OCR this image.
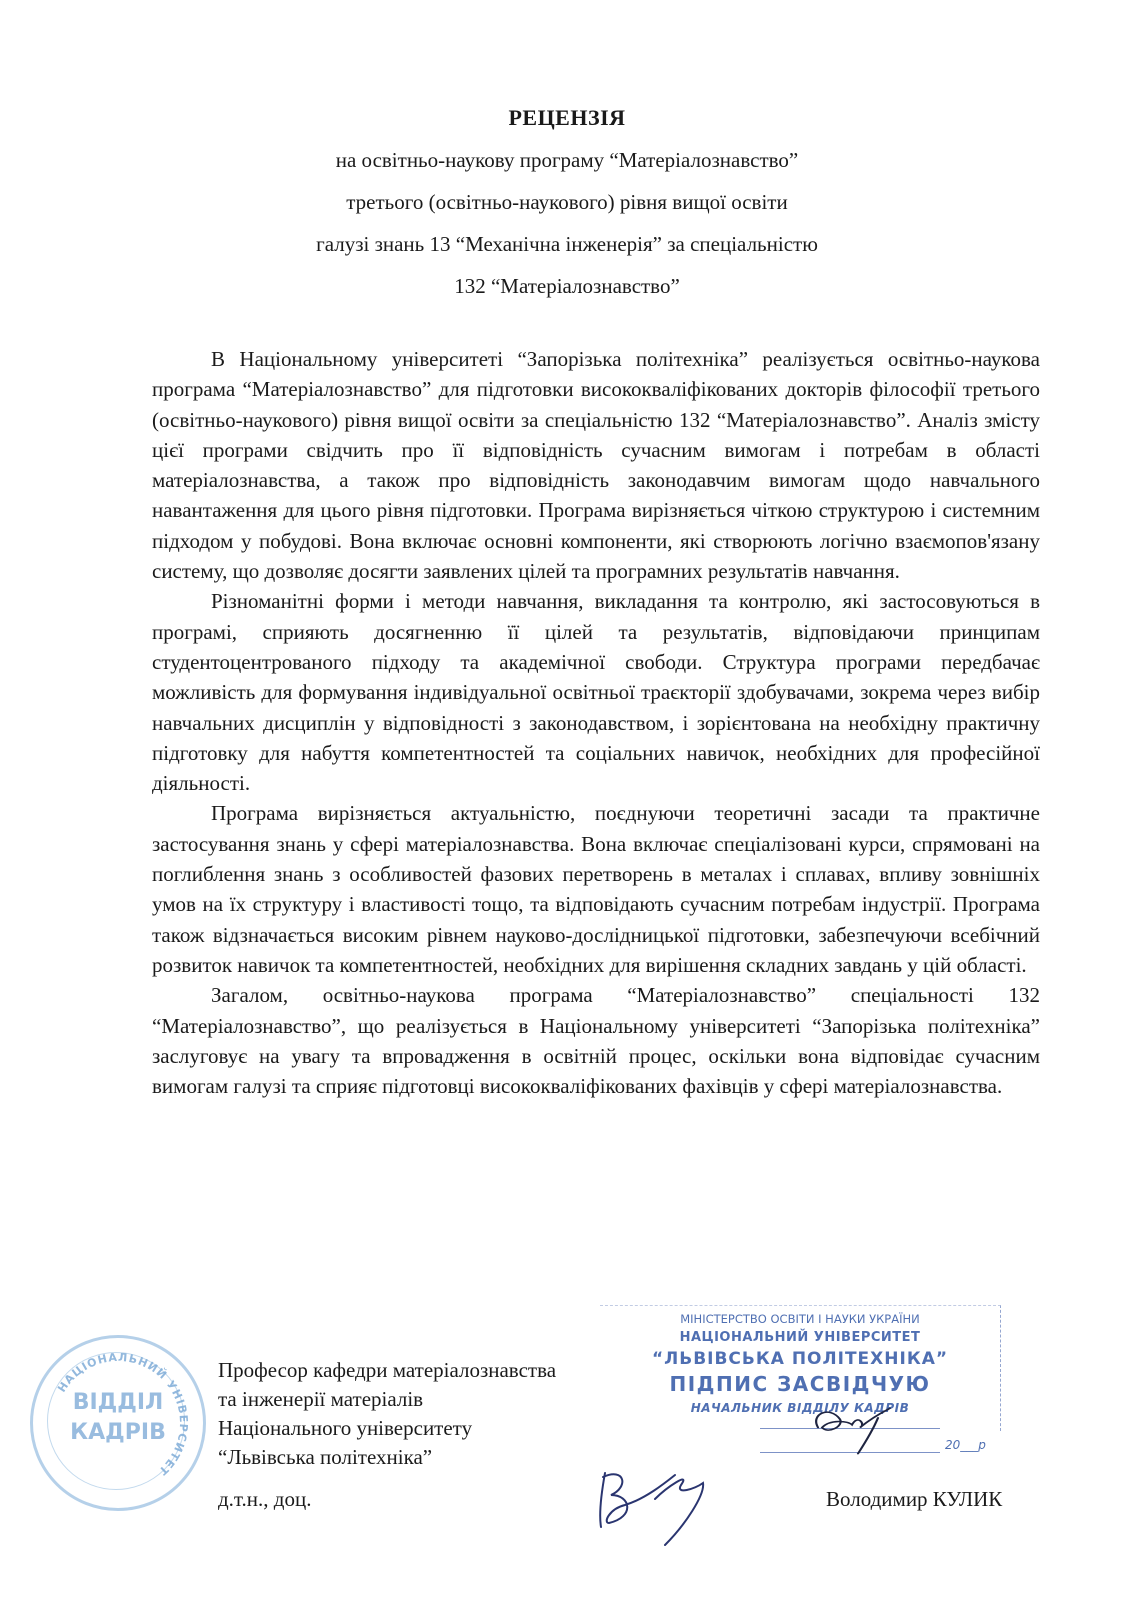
РЕЦЕНЗІЯ
на освітньо-наукову програму “Матеріалознавство”
третього (освітньо-наукового) рівня вищої освіти
галузі знань 13 “Механічна інженерія” за спеціальністю
132 “Матеріалознавство”

В Національному університеті “Запорізька політехніка” реалізується освітньо-наукова програма “Матеріалознавство” для підготовки висококваліфікованих докторів філософії третього (освітньо-наукового) рівня вищої освіти за спеціальністю 132 “Матеріалознавство”. Аналіз змісту цієї програми свідчить про її відповідність сучасним вимогам і потребам в області матеріалознавства, а також про відповідність законодавчим вимогам щодо навчального навантаження для цього рівня підготовки. Програма вирізняється чіткою структурою і системним підходом у побудові. Вона включає основні компоненти, які створюють логічно взаємопов'язану систему, що дозволяє досягти заявлених цілей та програмних результатів навчання.

Різноманітні форми і методи навчання, викладання та контролю, які застосовуються в програмі, сприяють досягненню її цілей та результатів, відповідаючи принципам студентоцентрованого підходу та академічної свободи. Структура програми передбачає можливість для формування індивідуальної освітньої траєкторії здобувачами, зокрема через вибір навчальних дисциплін у відповідності з законодавством, і зорієнтована на необхідну практичну підготовку для набуття компетентностей та соціальних навичок, необхідних для професійної діяльності.

Програма вирізняється актуальністю, поєднуючи теоретичні засади та практичне застосування знань у сфері матеріалознавства. Вона включає спеціалізовані курси, спрямовані на поглиблення знань з особливостей фазових перетворень в металах і сплавах, впливу зовнішніх умов на їх структуру і властивості тощо, та відповідають сучасним потребам індустрії. Програма також відзначається високим рівнем науково-дослідницької підготовки, забезпечуючи всебічний розвиток навичок та компетентностей, необхідних для вирішення складних завдань у цій області.

Загалом, освітньо-наукова програма “Матеріалознавство” спеціальності 132 “Матеріалознавство”, що реалізується в Національному університеті “Запорізька політехніка” заслуговує на увагу та впровадження в освітній процес, оскільки вона відповідає сучасним вимогам галузі та сприяє підготовці висококваліфікованих фахівців у сфері матеріалознавства.

НАЦІОНАЛЬНИЙ УНІВЕРСИТЕТ
ВІДДІЛ
КАДРІВ
МІНІСТЕРСТВО ОСВІТИ І НАУКИ УКРАЇНИ
НАЦІОНАЛЬНИЙ УНІВЕРСИТЕТ
“ЛЬВІВСЬКА ПОЛІТЕХНІКА”
ПІДПИС ЗАСВІДЧУЮ
НАЧАЛЬНИК ВІДДІЛУ КАДРІВ
20___р
Професор кафедри матеріалознавства
та інженерії матеріалів
Національного університету
“Львівська політехніка”
д.т.н., доц.	Володимир КУЛИК
